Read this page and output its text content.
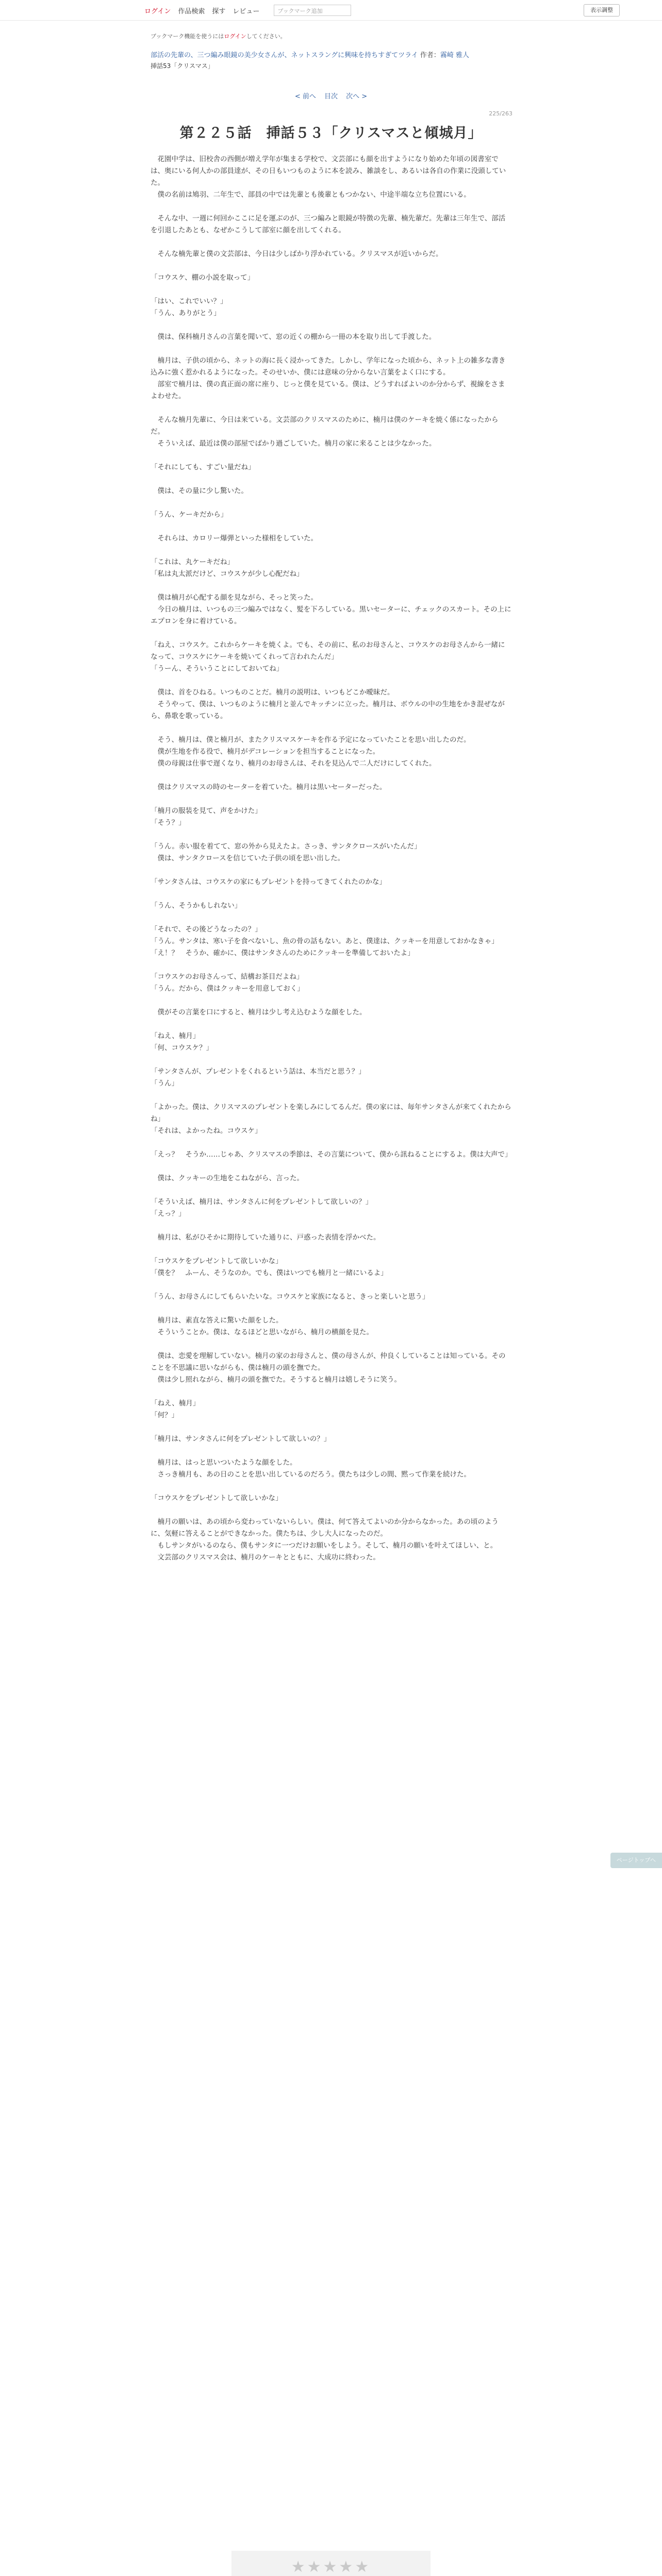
ログイン	作品検索	探す	レビュー	ブックマーク追加	表示調整
ブックマーク機能を使うにはログインしてください。
部活の先輩の、三つ編み眼鏡の美少女さんが、ネットスラングに興味を持ちすぎてツライ 作者：霧崎 雅人
挿話53「クリスマス」
< 前へ 目次 次へ >
225/263
第２２５話　挿話５３「クリスマスと傾城月」

　花園中学は、旧校舎の西側が増え学年が集まる学校で、文芸部にも顔を出すようになり始めた年頃の図書室では、奥にいる何人かの部員達が、その日もいつものように本を読み、雑談をし、あるいは各自の作業に没頭していた。

　僕の名前は鳩羽、二年生で、部員の中では先輩とも後輩ともつかない、中途半端な立ち位置にいる。

　そんな中、一週に何回かここに足を運ぶのが、三つ編みと眼鏡が特徴の先輩、楠先輩だ。先輩は三年生で、部活を引退したあとも、なぜかこうして部室に顔を出してくれる。

　そんな楠先輩と僕の文芸部は、今日は少しばかり浮かれている。クリスマスが近いからだ。

「コウスケ、棚の小説を取って」

「はい、これでいい？」

「うん、ありがとう」

　僕は、保科楠月さんの言葉を聞いて、窓の近くの棚から一冊の本を取り出して手渡した。

　楠月は、子供の頃から、ネットの海に長く浸かってきた。しかし、学年になった頃から、ネット上の雑多な書き込みに強く惹かれるようになった。そのせいか、僕には意味の分からない言葉をよく口にする。

　部室で楠月は、僕の真正面の席に座り、じっと僕を見ている。僕は、どうすればよいのか分からず、視線をさまよわせた。

　そんな楠月先輩に、今日は来ている。文芸部のクリスマスのために、楠月は僕のケーキを焼く係になったからだ。

　そういえば、最近は僕の部屋でばかり過ごしていた。楠月の家に来ることは少なかった。

「それにしても、すごい量だね」

　僕は、その量に少し驚いた。

「うん、ケーキだから」

　それらは、カロリー爆弾といった様相をしていた。

「これは、丸ケーキだね」

「私は丸太派だけど、コウスケが少し心配だね」

　僕は楠月が心配する顔を見ながら、そっと笑った。

　今日の楠月は、いつもの三つ編みではなく、髪を下ろしている。黒いセーターに、チェックのスカート。その上にエプロンを身に着けている。

「ねえ、コウスケ。これからケーキを焼くよ。でも、その前に、私のお母さんと、コウスケのお母さんから一緒になって、コウスケにケーキを焼いてくれって言われたんだ」

「うーん、そういうことにしておいてね」

　僕は、首をひねる。いつものことだ。楠月の説明は、いつもどこか曖昧だ。

　そうやって、僕は、いつものように楠月と並んでキッチンに立った。楠月は、ボウルの中の生地をかき混ぜながら、鼻歌を歌っている。

　そう、楠月は、僕と楠月が、またクリスマスケーキを作る予定になっていたことを思い出したのだ。

　僕が生地を作る役で、楠月がデコレーションを担当することになった。

　僕の母親は仕事で遅くなり、楠月のお母さんは、それを見込んで二人だけにしてくれた。

　僕はクリスマスの時のセーターを着ていた。楠月は黒いセーターだった。

「楠月の服装を見て、声をかけた」

「そう？」

「うん。赤い服を着てて、窓の外から見えたよ。さっき、サンタクロースがいたんだ」

　僕は、サンタクロースを信じていた子供の頃を思い出した。

「サンタさんは、コウスケの家にもプレゼントを持ってきてくれたのかな」

「うん、そうかもしれない」

「それで、その後どうなったの？」

「うん。サンタは、寒い子を食べないし、魚の骨の話もない。あと、僕達は、クッキーを用意しておかなきゃ」

「え！？　そうか、確かに、僕はサンタさんのためにクッキーを準備しておいたよ」

「コウスケのお母さんって、結構お茶目だよね」

「うん。だから、僕はクッキーを用意しておく」

　僕がその言葉を口にすると、楠月は少し考え込むような顔をした。

「ねえ、楠月」

「何、コウスケ？」

「サンタさんが、プレゼントをくれるという話は、本当だと思う？」

「うん」

「よかった。僕は、クリスマスのプレゼントを楽しみにしてるんだ。僕の家には、毎年サンタさんが来てくれたからね」

「それは、よかったね。コウスケ」

「えっ？　そうか……じゃあ、クリスマスの季節は、その言葉について、僕から訊ねることにするよ。僕は大声で」

　僕は、クッキーの生地をこねながら、言った。

「そういえば、楠月は、サンタさんに何をプレゼントして欲しいの？」

「えっ？」

　楠月は、私がひそかに期待していた通りに、戸惑った表情を浮かべた。

「コウスケをプレゼントして欲しいかな」

「僕を？　ふーん、そうなのか。でも、僕はいつでも楠月と一緒にいるよ」

「うん、お母さんにしてもらいたいな。コウスケと家族になると、きっと楽しいと思う」

　楠月は、素直な答えに驚いた顔をした。

　そういうことか。僕は、なるほどと思いながら、楠月の横顔を見た。

　僕は、恋愛を理解していない。楠月の家のお母さんと、僕の母さんが、仲良くしていることは知っている。そのことを不思議に思いながらも、僕は楠月の頭を撫でた。

　僕は少し照れながら、楠月の頭を撫でた。そうすると楠月は嬉しそうに笑う。

「ねえ、楠月」

「何？」

「楠月は、サンタさんに何をプレゼントして欲しいの？」

　楠月は、はっと思いついたような顔をした。

　さっき楠月も、あの日のことを思い出しているのだろう。僕たちは少しの間、黙って作業を続けた。

「コウスケをプレゼントして欲しいかな」

　楠月の願いは、あの頃から変わっていないらしい。僕は、何て答えてよいのか分からなかった。あの頃のように、気軽に答えることができなかった。僕たちは、少し大人になったのだ。

　もしサンタがいるのなら、僕もサンタに一つだけお願いをしよう。そして、楠月の願いを叶えてほしい、と。

　文芸部のクリスマス会は、楠月のケーキとともに、大成功に終わった。

ページトップへ
★★★★★
